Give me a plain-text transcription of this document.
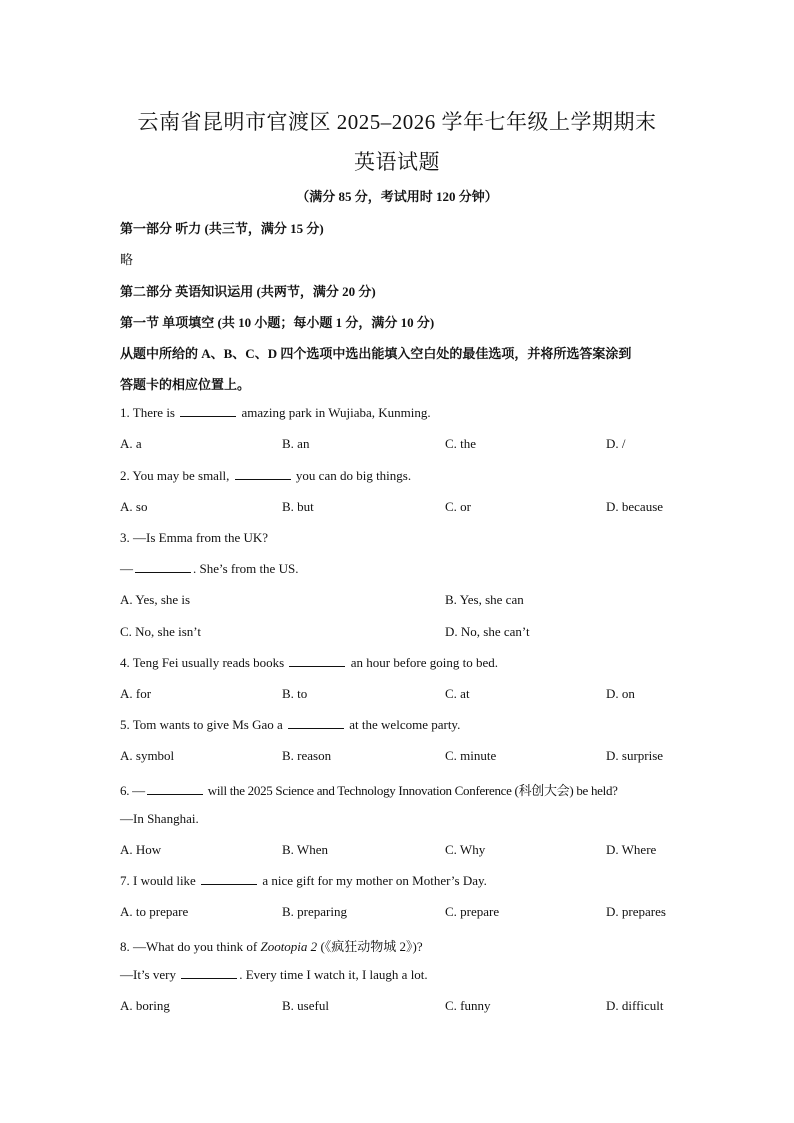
云南省昆明市官渡区 2025–2026 学年七年级上学期期末
英语试题
（满分 85 分，考试用时 120 分钟）
第一部分 听力 (共三节，满分 15 分)
略
第二部分 英语知识运用 (共两节，满分 20 分)
第一节 单项填空 (共 10 小题；每小题 1 分，满分 10 分)
从题中所给的 A、B、C、D 四个选项中选出能填入空白处的最佳选项，并将所选答案涂到
答题卡的相应位置上。
1. There is	amazing park in Wujiaba, Kunming.
A. a	B. an	C. the	D. /
2. You may be small,	you can do big things.
A. so	B. but	C. or	D. because
3. —Is Emma from the UK?
—	. She’s from the US.
A. Yes, she is	B. Yes, she can
C. No, she isn’t	D. No, she can’t
4. Teng Fei usually reads books	an hour before going to bed.
A. for	B. to	C. at	D. on
5. Tom wants to give Ms Gao a	at the welcome party.
A. symbol	B. reason	C. minute	D. surprise
6. —	will the 2025 Science and Technology Innovation Conference (科创大会) be held?
—In Shanghai.
A. How	B. When	C. Why	D. Where
7. I would like	a nice gift for my mother on Mother’s Day.
A. to prepare	B. preparing	C. prepare	D. prepares
8. —What do you think of Zootopia 2 (《疯狂动物城 2》)?
—It’s very	. Every time I watch it, I laugh a lot.
A. boring	B. useful	C. funny	D. difficult
